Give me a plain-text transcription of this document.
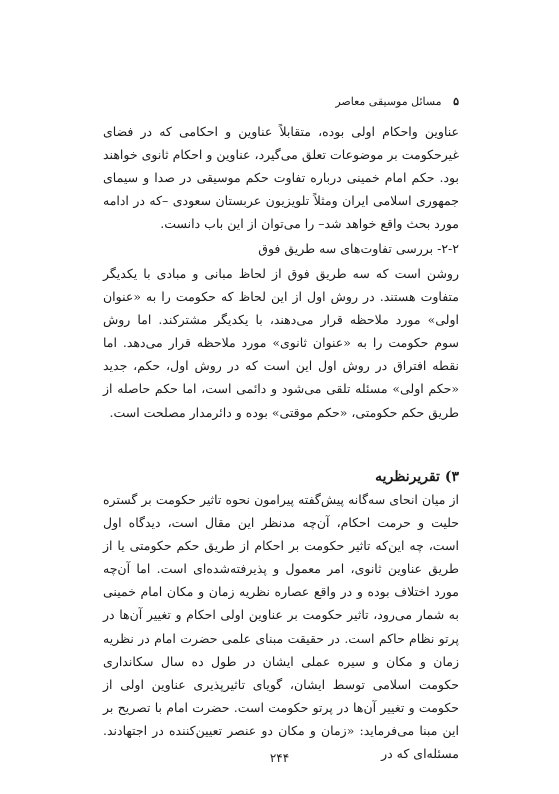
۵ مسائل موسیقی معاصر

عناوین واحکام اولی بوده، متقابلاً عناوین و احکامی که در فضای غیرحکومت بر موضوعات تعلق می‌گیرد، عناوین و احکام ثانوی خواهند بود. حکم امام خمینی درباره تفاوت حکم موسیقی در صدا و سیمای جمهوری اسلامی ایران ومثلاً تلویزیون عربستان سعودی –که در ادامه مورد بحث واقع خواهد شد– را می‌توان از این باب دانست.

۲-۲- بررسی تفاوت‌های سه طریق فوق

روشن است که سه طریق فوق از لحاظ مبانی و مبادی با یکدیگر متفاوت هستند. در روش اول از این لحاظ که حکومت را به «عنوان اولی» مورد ملاحظه قرار می‌دهند، با یکدیگر مشترکند. اما روش سوم حکومت را به «عنوان ثانوی» مورد ملاحظه قرار می‌دهد. اما نقطه افتراق در روش اول این است که در روش اول، حکم، جدید «حکم اولی» مسئله تلقی می‌شود و دائمی است، اما حکم حاصله از طریق حکم حکومتی، «حکم موقتی» بوده و دائرمدار مصلحت است.

۳) تقریرنظریه

از میان انحای سه‌گانه پیش‌گفته پیرامون نحوه تاثیر حکومت بر گستره حلیت و حرمت احکام، آن‌چه مدنظر این مقال است، دیدگاه اول است، چه این‌که تاثیر حکومت بر احکام از طریق حکم حکومتی یا از طریق عناوین ثانوی، امر معمول و پذیرفته‌شده‌ای است. اما آن‌چه مورد اختلاف بوده و در واقع عصاره نظریه زمان و مکان امام خمینی به شمار می‌رود، تاثیر حکومت بر عناوین اولی احکام و تغییر آن‌ها در پرتو نظام حاکم است. در حقیقت مبنای علمی حضرت امام در نظریه زمان و مکان و سیره عملی ایشان در طول ده سال سکانداری حکومت اسلامی توسط ایشان، گویای تاثیرپذیری عناوین اولی از حکومت و تغییر آن‌ها در پرتو حکومت است. حضرت امام با تصریح بر این مبنا می‌فرماید: «زمان و مکان دو عنصر تعیین‌کننده در اجتهادند. مسئله‌ای که در

۲۴۴
